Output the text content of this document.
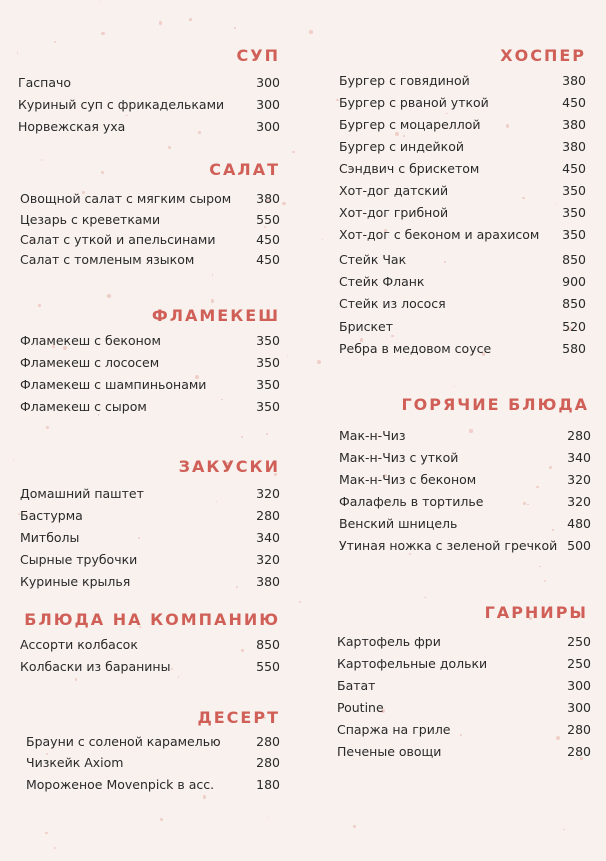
СУП
Гаспачо	300
Куриный суп с фрикадельками	300
Норвежская уха	300
САЛАТ
Овощной салат с мягким сыром 380
Цезарь с креветками	550
Салат с уткой и апельсинами	450
Салат с томленым языком	450
ФЛАМЕКЕШ
Фламекеш с беконом	350
Фламекеш с лососем	350
Фламекеш с шампиньонами	350
Фламекеш с сыром	350
ЗАКУСКИ
Домашний паштет	320
Бастурма	280
Митболы	340
Сырные трубочки	320
Куриные крылья	380
БЛЮДА НА КОМПАНИЮ
Ассорти колбасок	850
Колбаски из баранины	550
ДЕСЕРТ
Брауни с соленой карамелью	280
Чизкейк Axiom	280
Мороженое Movenpick в асс.	180
ХОСПЕР
Бургер с говядиной	380
Бургер с рваной уткой	450
Бургер с моцареллой	380
Бургер с индейкой	380
Сэндвич с брискетом	450
Хот-дог датский	350
Хот-дог грибной	350
Хот-дог с беконом и арахисом 350
Стейк Чак	850
Стейк Фланк	900
Стейк из лосося	850
Брискет	520
Ребра в медовом соусе	580
ГОРЯЧИЕ БЛЮДА
Мак-н-Чиз	280
Мак-н-Чиз с уткой	340
Мак-н-Чиз с беконом	320
Фалафель в тортилье	320
Венский шницель	480
Утиная ножка с зеленой гречкой 500
ГАРНИРЫ
Картофель фри	250
Картофельные дольки	250
Батат	300
Poutine	300
Спаржа на гриле	280
Печеные овощи	280
